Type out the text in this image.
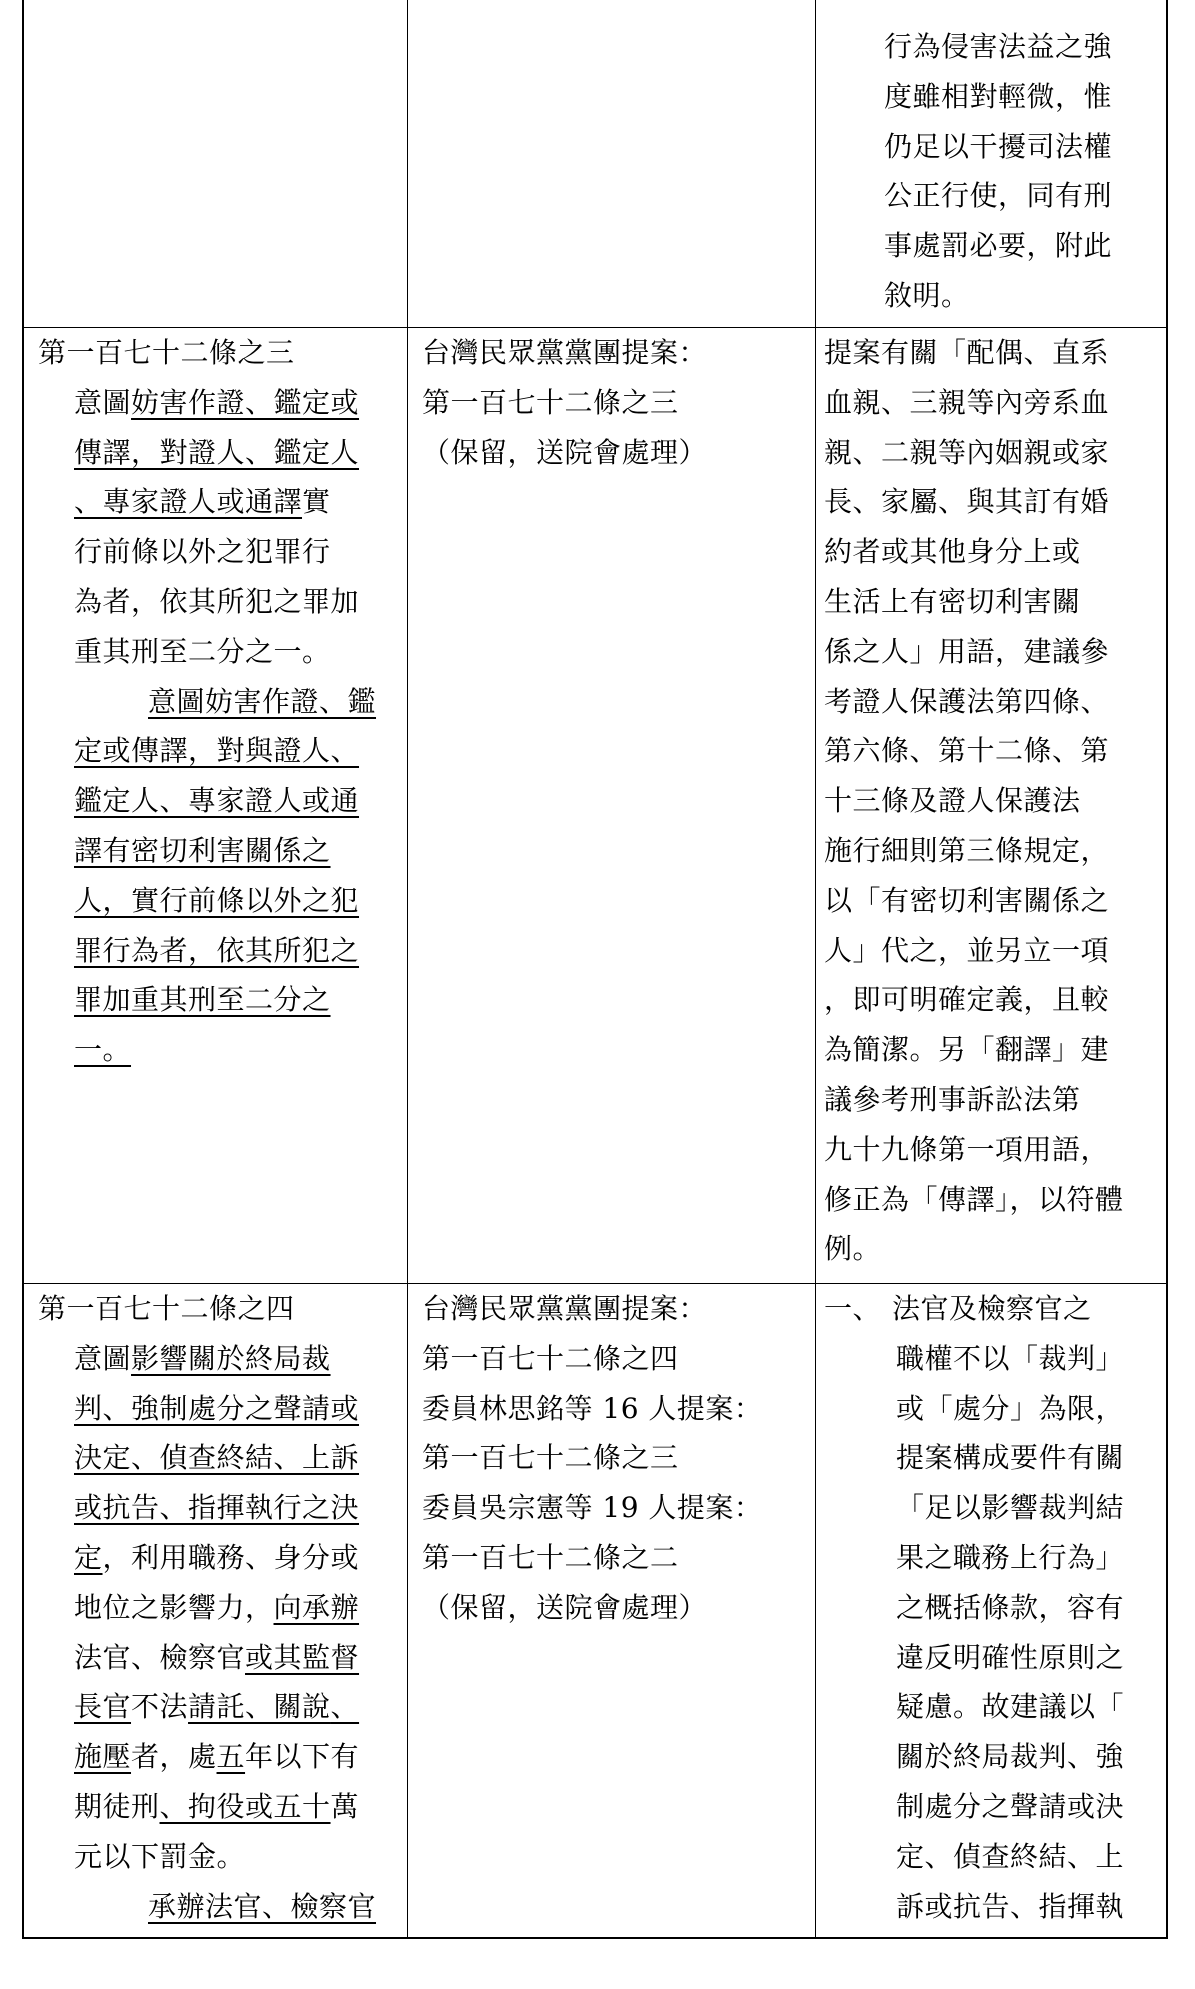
行為侵害法益之強
度雖相對輕微，惟
仍足以干擾司法權
公正行使，同有刑
事處罰必要，附此
敘明。
第一百七十二條之三
意圖妨害作證、鑑定或
傳譯，對證人、鑑定人
、專家證人或通譯實
行前條以外之犯罪行
為者，依其所犯之罪加
重其刑至二分之一。
意圖妨害作證、鑑
定或傳譯，對與證人、
鑑定人、專家證人或通
譯有密切利害關係之
人，實行前條以外之犯
罪行為者，依其所犯之
罪加重其刑至二分之
一。
台灣民眾黨黨團提案：
第一百七十二條之三
（保留，送院會處理）
提案有關「配偶、直系
血親、三親等內旁系血
親、二親等內姻親或家
長、家屬、與其訂有婚
約者或其他身分上或
生活上有密切利害關
係之人」用語，建議參
考證人保護法第四條、
第六條、第十二條、第
十三條及證人保護法
施行細則第三條規定，
以「有密切利害關係之
人」代之，並另立一項
，即可明確定義，且較
為簡潔。另「翻譯」建
議參考刑事訴訟法第
九十九條第一項用語，
修正為「傳譯」，以符體
例。
第一百七十二條之四
意圖影響關於終局裁
判、強制處分之聲請或
決定、偵查終結、上訴
或抗告、指揮執行之決
定，利用職務、身分或
地位之影響力，向承辦
法官、檢察官或其監督
長官不法請託、關說、
施壓者，處五年以下有
期徒刑、拘役或五十萬
元以下罰金。
承辦法官、檢察官
台灣民眾黨黨團提案：
第一百七十二條之四
委員林思銘等 16 人提案：
第一百七十二條之三
委員吳宗憲等 19 人提案：
第一百七十二條之二
（保留，送院會處理）
一、 法官及檢察官之
職權不以「裁判」
或「處分」為限，
提案構成要件有關
「足以影響裁判結
果之職務上行為」
之概括條款，容有
違反明確性原則之
疑慮。故建議以「
關於終局裁判、強
制處分之聲請或決
定、偵查終結、上
訴或抗告、指揮執
